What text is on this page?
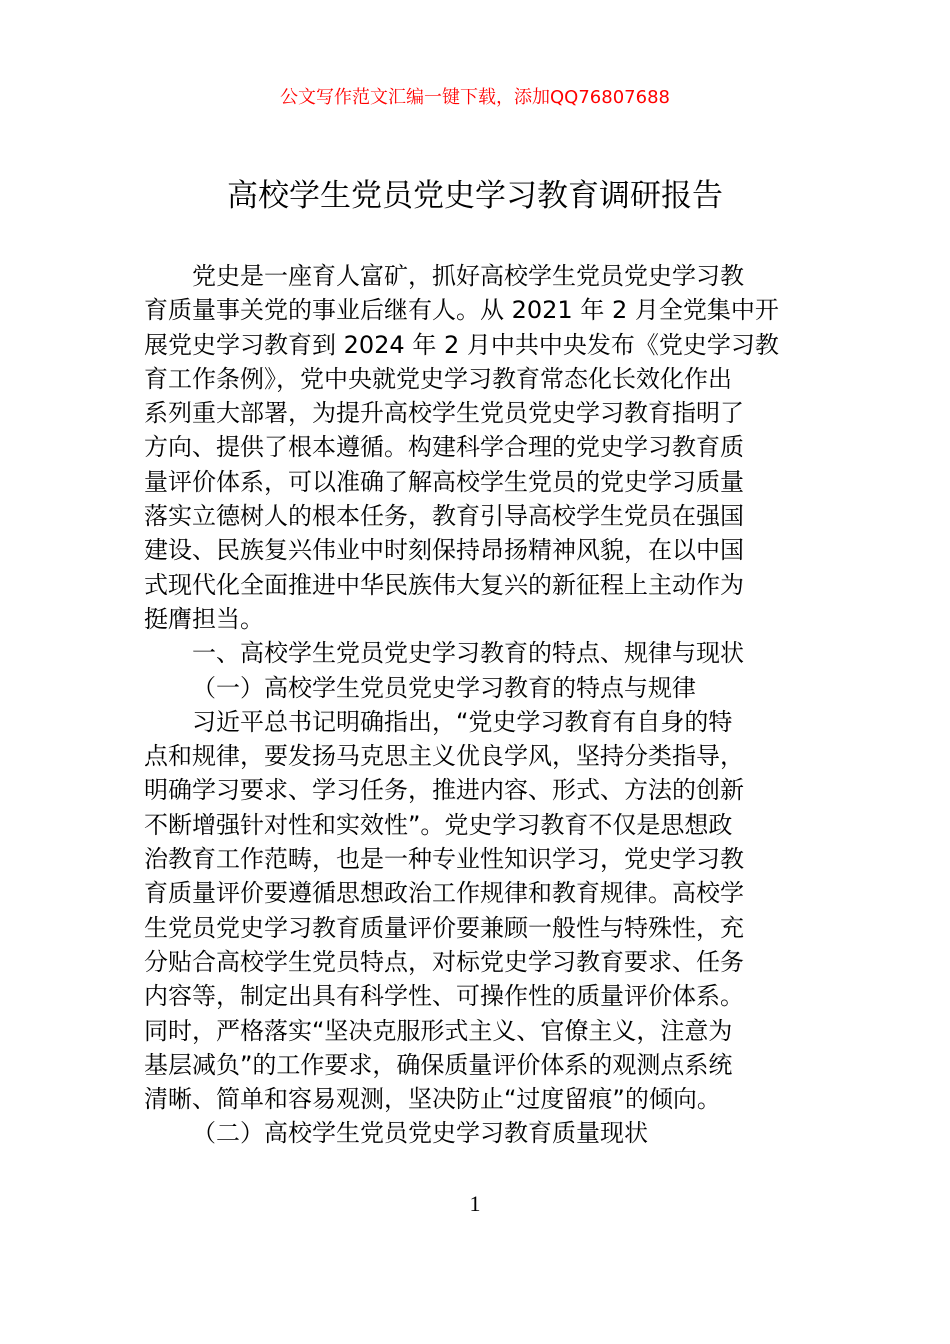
公文写作范文汇编一键下载，添加QQ76807688
高校学生党员党史学习教育调研报告
党史是一座育人富矿，抓好高校学生党员党史学习教
育质量事关党的事业后继有人。从 2021 年 2 月全党集中开
展党史学习教育到 2024 年 2 月中共中央发布《党史学习教
育工作条例》，党中央就党史学习教育常态化长效化作出
系列重大部署，为提升高校学生党员党史学习教育指明了
方向、提供了根本遵循。构建科学合理的党史学习教育质
量评价体系，可以准确了解高校学生党员的党史学习质量
落实立德树人的根本任务，教育引导高校学生党员在强国
建设、民族复兴伟业中时刻保持昂扬精神风貌，在以中国
式现代化全面推进中华民族伟大复兴的新征程上主动作为
挺膺担当。
一、高校学生党员党史学习教育的特点、规律与现状
（一）高校学生党员党史学习教育的特点与规律
习近平总书记明确指出，“党史学习教育有自身的特
点和规律，要发扬马克思主义优良学风，坚持分类指导，
明确学习要求、学习任务，推进内容、形式、方法的创新
不断增强针对性和实效性”。党史学习教育不仅是思想政
治教育工作范畴，也是一种专业性知识学习，党史学习教
育质量评价要遵循思想政治工作规律和教育规律。高校学
生党员党史学习教育质量评价要兼顾一般性与特殊性，充
分贴合高校学生党员特点，对标党史学习教育要求、任务
内容等，制定出具有科学性、可操作性的质量评价体系。
同时，严格落实“坚决克服形式主义、官僚主义，注意为
基层减负”的工作要求，确保质量评价体系的观测点系统
清晰、简单和容易观测，坚决防止“过度留痕”的倾向。
（二）高校学生党员党史学习教育质量现状
1
